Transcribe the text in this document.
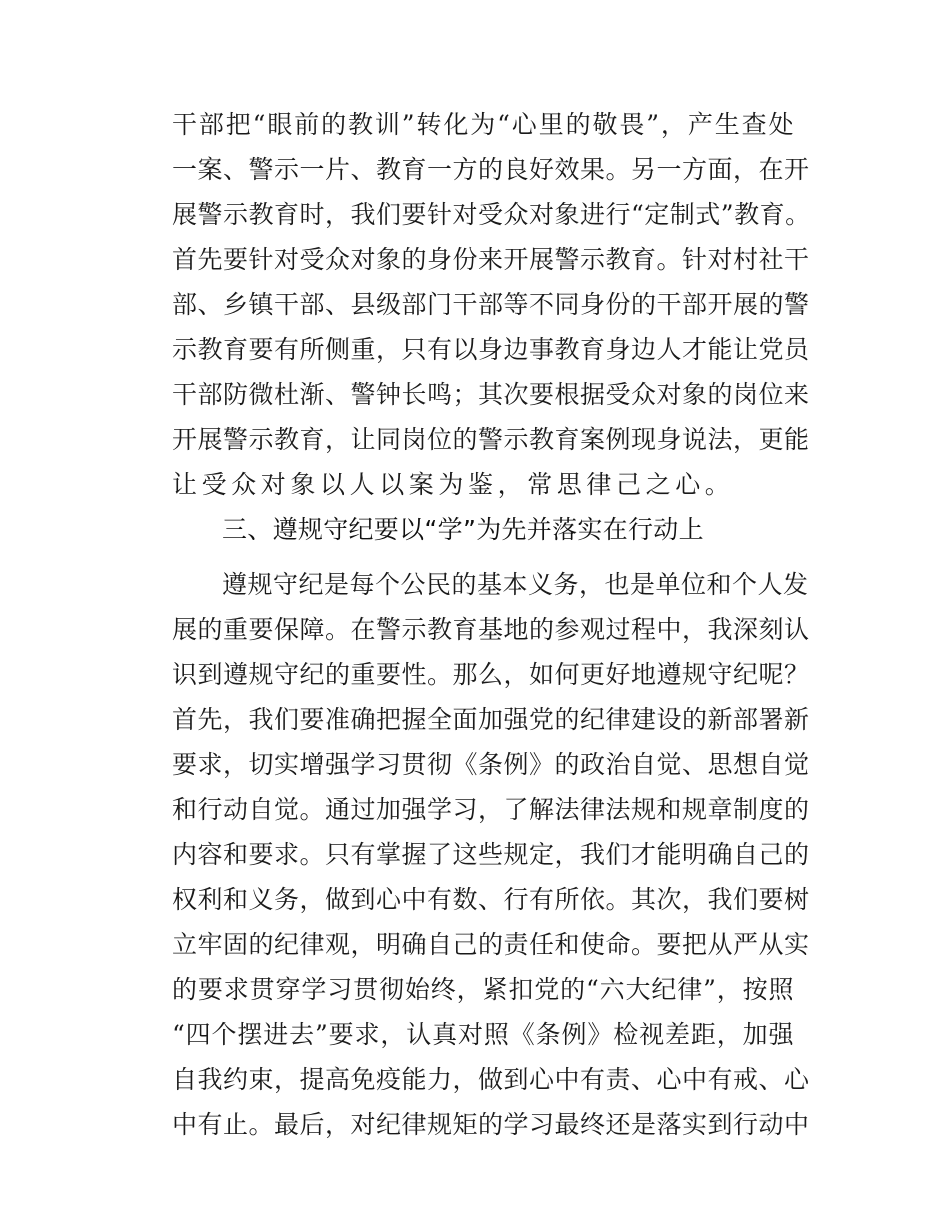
干部把“眼前的教训”转化为“心里的敬畏”，产生查处
一案、警示一片、教育一方的良好效果。另一方面，在开
展警示教育时，我们要针对受众对象进行“定制式”教育。
首先要针对受众对象的身份来开展警示教育。针对村社干
部、乡镇干部、县级部门干部等不同身份的干部开展的警
示教育要有所侧重，只有以身边事教育身边人才能让党员
干部防微杜渐、警钟长鸣；其次要根据受众对象的岗位来
开展警示教育，让同岗位的警示教育案例现身说法，更能
让受众对象以人以案为鉴，常思律己之心。
三、遵规守纪要以“学”为先并落实在行动上
遵规守纪是每个公民的基本义务，也是单位和个人发
展的重要保障。在警示教育基地的参观过程中，我深刻认
识到遵规守纪的重要性。那么，如何更好地遵规守纪呢？
首先，我们要准确把握全面加强党的纪律建设的新部署新
要求，切实增强学习贯彻《条例》的政治自觉、思想自觉
和行动自觉。通过加强学习，了解法律法规和规章制度的
内容和要求。只有掌握了这些规定，我们才能明确自己的
权利和义务，做到心中有数、行有所依。其次，我们要树
立牢固的纪律观，明确自己的责任和使命。要把从严从实
的要求贯穿学习贯彻始终，紧扣党的“六大纪律”，按照
“四个摆进去”要求，认真对照《条例》检视差距，加强
自我约束，提高免疫能力，做到心中有责、心中有戒、心
中有止。最后，对纪律规矩的学习最终还是落实到行动中
